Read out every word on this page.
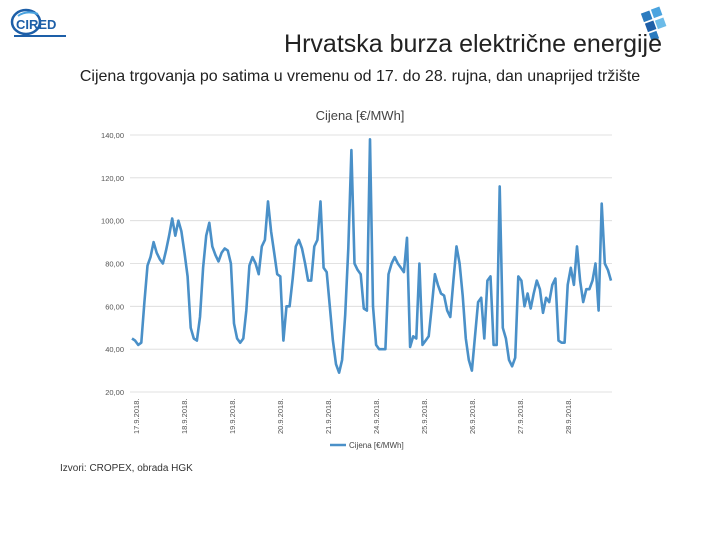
CIRED
Hrvatska burza električne energije
Cijena trgovanja po satima u vremenu od 17. do 28. rujna, dan unaprijed tržište
Cijena [€/MWh]
20,00
40,00
60,00
80,00
100,00
120,00
140,00
17.9.2018.	18.9.2018.	19.9.2018.	20.9.2018.	21.9.2018.	24.9.2018.	25.9.2018.	26.9.2018.	27.9.2018.	28.9.2018.
Cijena [€/MWh]
Izvori: CROPEX, obrada HGK
